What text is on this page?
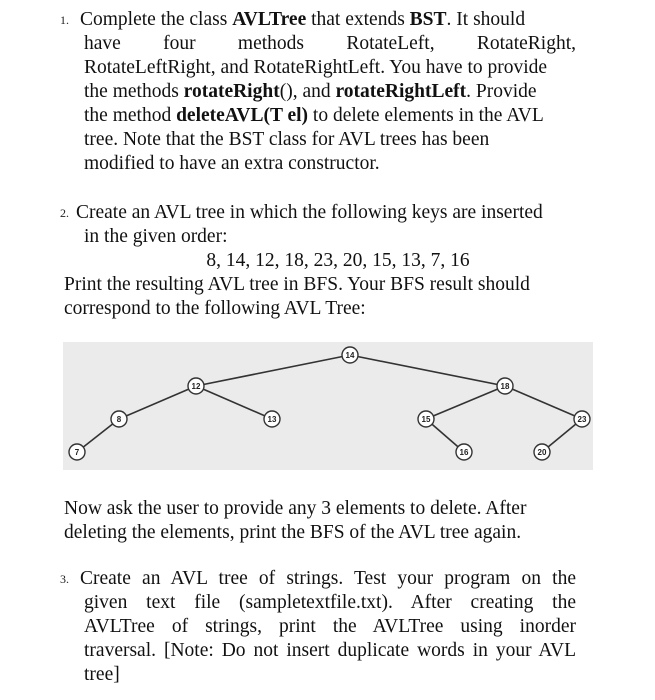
1. Complete the class AVLTree that extends BST. It should
have four methods RotateLeft, RotateRight,
RotateLeftRight, and RotateRightLeft. You have to provide
the methods rotateRight(), and rotateRightLeft. Provide
the method deleteAVL(T el) to delete elements in the AVL
tree. Note that the BST class for AVL trees has been
modified to have an extra constructor.
2. Create an AVL tree in which the following keys are inserted
in the given order:
8, 14, 12, 18, 23, 20, 15, 13, 7, 16
Print the resulting AVL tree in BFS. Your BFS result should
correspond to the following AVL Tree:
14
12	18
8	13	15	23
7	16	20
Now ask the user to provide any 3 elements to delete. After
deleting the elements, print the BFS of the AVL tree again.
3. Create an AVL tree of strings. Test your program on the
given text file (sampletextfile.txt). After creating the
AVLTree of strings, print the AVLTree using inorder
traversal. [Note: Do not insert duplicate words in your AVL
tree]
